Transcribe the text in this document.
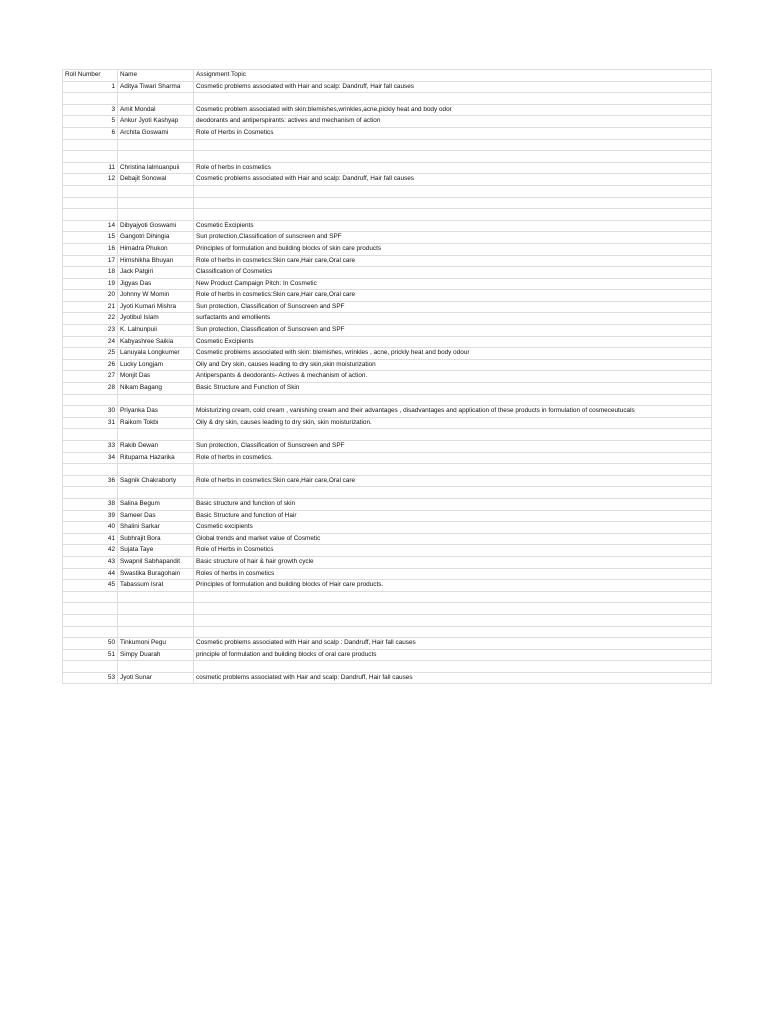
Roll Number	Name	Assignment Topic
1	Aditya Tiwari Sharma	Cosmetic problems associated with Hair and scalp: Dandruff, Hair fall causes

3	Amit Mondal	Cosmetic problem associated with skin:blemishes,wrinkles,acne,pickly heat and body odor
5	Ankur Jyoti Kashyap	deodorants and antiperspirants: actives and mechanism of action
6	Archita Goswami	Role of Herbs in Cosmetics

11	Christina lalmuanpuii	Role of herbs in cosmetics
12	Debajit Sonowal	Cosmetic problems associated with Hair and scalp: Dandruff, Hair fall causes

14	Dibyajyoti Goswami	Cosmetic Excipients
15	Gangotri Dihingia	Sun protection,Classification of sunscreen and SPF
16	Himadra Phukon	Principles of formulation and building blocks of skin care products
17	Himshikha Bhuyan	Role of herbs in cosmetics:Skin care,Hair care,Oral care
18	Jack Patgiri	Classification of Cosmetics
19	Jigyas Das	New Product Campaign Pitch: In Cosmetic
20	Johnny W Momin	Role of herbs in cosmetics:Skin care,Hair care,Oral care
21	Jyoti Kumari Mishra	Sun protection, Classification of Sunscreen and SPF
22	Jyotibul Islam	surfactants and emollients
23	K. Lalnunpuii	Sun protection, Classification of Sunscreen and SPF
24	Kabyashree Saikia	Cosmetic Excipients
25	Lanuyala Longkumer	Cosmetic problems associated with skin: blemishes, wrinkles , acne, prickly heat and body odour
26	Lucky Longjam	Oily and Dry skin, causes leading to dry skin,skin moisturization
27	Monjit Das	Antiperspants & deodorants- Actives & mechanism of action.
28	Nikam Bagang	Basic Structure and Function of Skin

30	Priyanka Das	Moisturizing cream, cold cream , vanishing cream and their advantages , disadvantages and application of these products in formulation of cosmeceutucals
31	Raikom Tokbi	Oily & dry skin, causes leading to dry skin, skin moisturization.

33	Rakib Dewan	Sun protection, Classification of Sunscreen and SPF
34	Rituparna Hazarika	Role of herbs in cosmetics.

36	Sagnik Chakraborty	Role of herbs in cosmetics:Skin care,Hair care,Oral care

38	Salina Begum	Basic structure and function of skin
39	Sameer Das	Basic Structure and function of Hair
40	Shalini Sarkar	Cosmetic excipients
41	Subhrajit Bora	Global trends and market value of Cosmetic
42	Sujata Taye	Role of Herbs in Cosmetics
43	Swapnil Sabhapandit	Basic structure of hair & hair growth cycle
44	Swastika Buragohain	Roles of herbs in cosmetics
45	Tabassum Israt	Principles of formulation and building blocks of Hair care products.

50	Tinkumoni Pegu	Cosmetic problems associated with Hair and scalp : Dandruff, Hair fall causes
51	Simpy Duarah	principle of formulation and building blocks of oral care products

53	Jyoti Sunar	cosmetic problems associated with Hair and scalp: Dandruff, Hair fall causes
